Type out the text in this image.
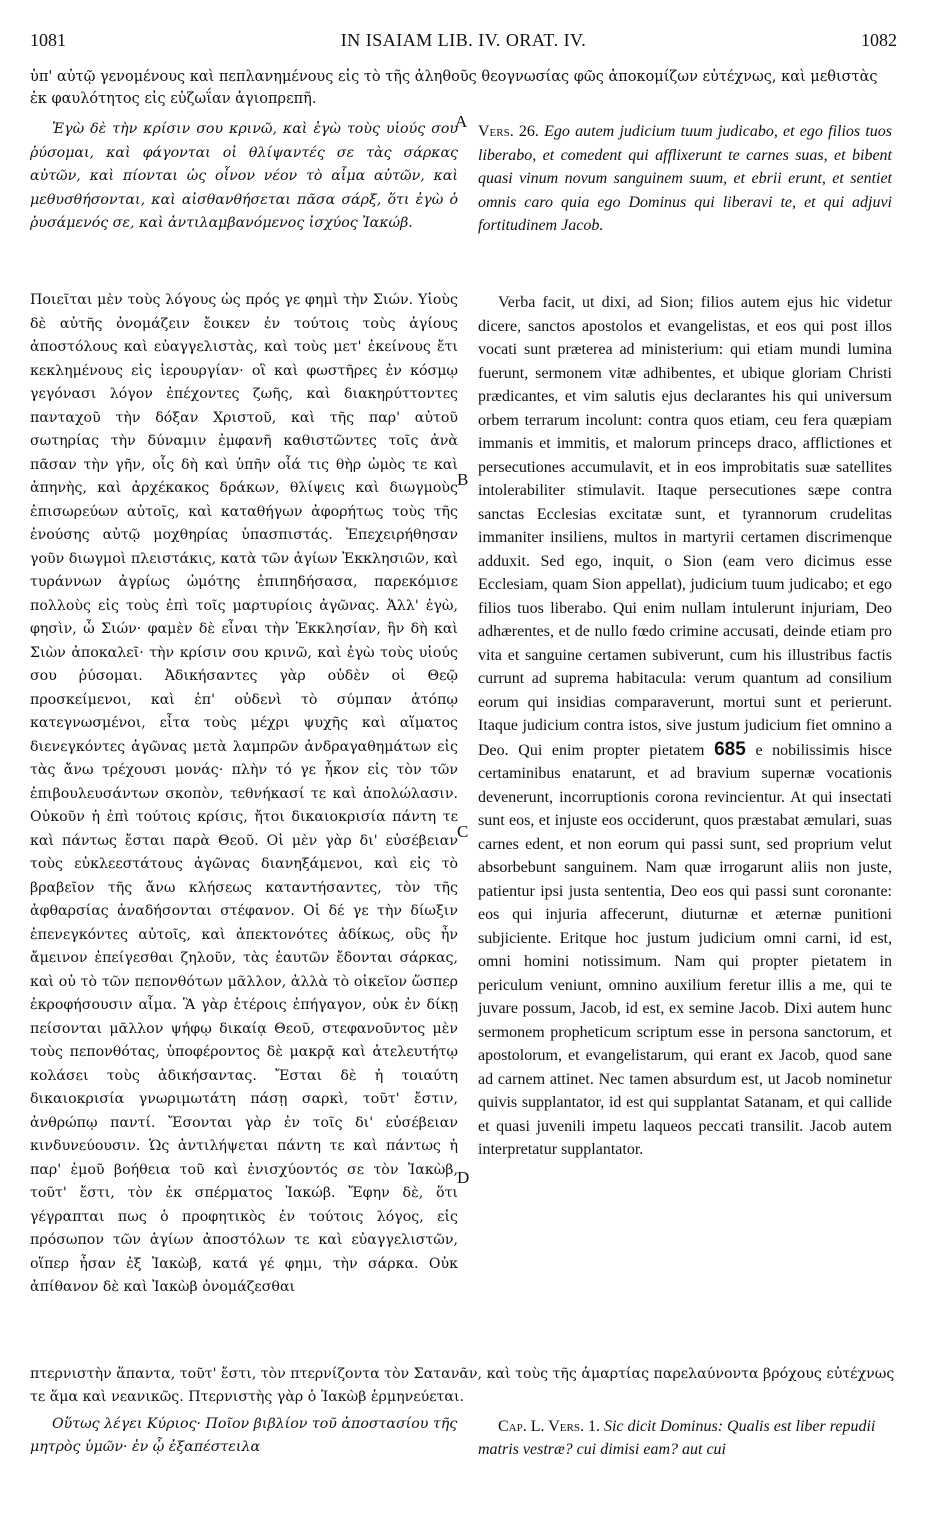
1081	IN ISAIAM LIB. IV. ORAT. IV.	1082

ὑπ' αὐτῷ γενομένους καὶ πεπλανημένους εἰς τὸ τῆς ἀληθοῦς θεογνωσίας φῶς ἀποκομίζων εὐτέχνως, καὶ μεθιστὰς ἐκ φαυλότητος εἰς εὐζωΐαν ἁγιοπρεπῆ.

Ἐγὼ δὲ τὴν κρίσιν σου κρινῶ, καὶ ἐγὼ τοὺς υἱούς σου ῥύσομαι, καὶ φάγονται οἱ θλίψαντές σε τὰς σάρκας αὐτῶν, καὶ πίονται ὡς οἶνον νέον τὸ αἷμα αὐτῶν, καὶ μεθυσθήσονται, καὶ αἰσθανθήσεται πᾶσα σάρξ, ὅτι ἐγὼ ὁ ῥυσάμενός σε, καὶ ἀντιλαμβανόμενος ἰσχύος Ἰακώβ.
Ποιεῖται μὲν τοὺς λόγους ὡς πρός γε φημὶ τὴν Σιών. Υἱοὺς δὲ αὐτῆς ὀνομάζειν ἔοικεν ἐν τούτοις τοὺς ἁγίους ἀποστόλους καὶ εὐαγγελιστὰς, καὶ τοὺς μετ' ἐκείνους ἔτι κεκλημένους εἰς ἱερουργίαν· οἳ καὶ φωστῆρες ἐν κόσμῳ γεγόνασι λόγον ἐπέχοντες ζωῆς, καὶ διακηρύττοντες πανταχοῦ τὴν δόξαν Χριστοῦ, καὶ τῆς παρ' αὐτοῦ σωτηρίας τὴν δύναμιν ἐμφανῆ καθιστῶντες τοῖς ἀνὰ πᾶσαν τὴν γῆν, οἷς δὴ καὶ ὑπῆν οἷά τις θὴρ ὠμὸς τε καὶ ἀπηνὴς, καὶ ἀρχέκακος δράκων, θλίψεις καὶ διωγμοὺς ἐπισωρεύων αὐτοῖς, καὶ καταθήγων ἀφορήτως τοὺς τῆς ἐνούσης αὐτῷ μοχθηρίας ὑπασπιστάς. Ἐπεχειρήθησαν γοῦν διωγμοὶ πλειστάκις, κατὰ τῶν ἁγίων Ἐκκλησιῶν, καὶ τυράννων ἀγρίως ὠμότης ἐπιπηδήσασα, παρεκόμισε πολλοὺς εἰς τοὺς ἐπὶ τοῖς μαρτυρίοις ἀγῶνας. Ἀλλ' ἐγὼ, φησὶν, ὦ Σιών· φαμὲν δὲ εἶναι τὴν Ἐκκλησίαν, ἣν δὴ καὶ Σιὼν ἀποκαλεῖ· τὴν κρίσιν σου κρινῶ, καὶ ἐγὼ τοὺς υἱούς σου ῥύσομαι. Ἀδικήσαντες γὰρ οὐδὲν οἱ Θεῷ προσκείμενοι, καὶ ἐπ' οὐδενὶ τὸ σύμπαν ἀτόπῳ κατεγνωσμένοι, εἶτα τοὺς μέχρι ψυχῆς καὶ αἵματος διενεγκόντες ἀγῶνας μετὰ λαμπρῶν ἀνδραγαθημάτων εἰς τὰς ἄνω τρέχουσι μονάς· πλὴν τό γε ἧκον εἰς τὸν τῶν ἐπιβουλευσάντων σκοπὸν, τεθνήκασί τε καὶ ἀπολώλασιν. Οὐκοῦν ἡ ἐπὶ τούτοις κρίσις, ἤτοι δικαιοκρισία πάντη τε καὶ πάντως ἔσται παρὰ Θεοῦ. Οἱ μὲν γὰρ δι' εὐσέβειαν τοὺς εὐκλεεστάτους ἀγῶνας διανηξάμενοι, καὶ εἰς τὸ βραβεῖον τῆς ἄνω κλήσεως καταντήσαντες, τὸν τῆς ἀφθαρσίας ἀναδήσονται στέφανον. Οἱ δέ γε τὴν δίωξιν ἐπενεγκόντες αὐτοῖς, καὶ ἀπεκτονότες ἀδίκως, οὓς ἦν ἄμεινον ἐπείγεσθαι ζηλοῦν, τὰς ἑαυτῶν ἔδονται σάρκας, καὶ οὐ τὸ τῶν πεπονθότων μᾶλλον, ἀλλὰ τὸ οἰκεῖον ὥσπερ ἐκροφήσουσιν αἷμα. Ἃ γὰρ ἑτέροις ἐπήγαγον, οὐκ ἐν δίκῃ πείσονται μᾶλλον ψήφῳ δικαίᾳ Θεοῦ, στεφανοῦντος μὲν τοὺς πεπονθότας, ὑποφέροντος δὲ μακρᾷ καὶ ἀτελευτήτῳ κολάσει τοὺς ἀδικήσαντας. Ἔσται δὲ ἡ τοιαύτη δικαιοκρισία γνωριμωτάτη πάσῃ σαρκὶ, τοῦτ' ἔστιν, ἀνθρώπῳ παντί. Ἔσονται γὰρ ἐν τοῖς δι' εὐσέβειαν κινδυνεύουσιν. Ὡς ἀντιλήψεται πάντη τε καὶ πάντως ἡ παρ' ἐμοῦ βοήθεια τοῦ καὶ ἐνισχύοντός σε τὸν Ἰακὼβ, τοῦτ' ἔστι, τὸν ἐκ σπέρματος Ἰακώβ. Ἔφην δὲ, ὅτι γέγραπται πως ὁ προφητικὸς ἐν τούτοις λόγος, εἰς πρόσωπον τῶν ἁγίων ἀποστόλων τε καὶ εὐαγγελιστῶν, οἵπερ ἦσαν ἐξ Ἰακὼβ, κατά γέ φημι, τὴν σάρκα. Οὐκ ἀπίθανον δὲ καὶ Ἰακὼβ ὀνομάζεσθαι
Vers. 26. Ego autem judicium tuum judicabo, et ego filios tuos liberabo, et comedent qui afflixerunt te carnes suas, et bibent quasi vinum novum sanguinem suum, et ebrii erunt, et sentiet omnis caro quia ego Dominus qui liberavi te, et qui adjuvi fortitudinem Jacob.
Verba facit, ut dixi, ad Sion; filios autem ejus hic videtur dicere, sanctos apostolos et evangelistas, et eos qui post illos vocati sunt præterea ad ministerium: qui etiam mundi lumina fuerunt, sermonem vitæ adhibentes, et ubique gloriam Christi prædicantes, et vim salutis ejus declarantes his qui universum orbem terrarum incolunt: contra quos etiam, ceu fera quæpiam immanis et immitis, et malorum princeps draco, afflictiones et persecutiones accumulavit, et in eos improbitatis suæ satellites intolerabiliter stimulavit. Itaque persecutiones sæpe contra sanctas Ecclesias excitatæ sunt, et tyrannorum crudelitas immaniter insiliens, multos in martyrii certamen discrimenque adduxit. Sed ego, inquit, o Sion (eam vero dicimus esse Ecclesiam, quam Sion appellat), judicium tuum judicabo; et ego filios tuos liberabo. Qui enim nullam intulerunt injuriam, Deo adhærentes, et de nullo fœdo crimine accusati, deinde etiam pro vita et sanguine certamen subiverunt, cum his illustribus factis currunt ad suprema habitacula: verum quantum ad consilium eorum qui insidias comparaverunt, mortui sunt et perierunt. Itaque judicium contra istos, sive justum judicium fiet omnino a Deo. Qui enim propter pietatem 685 e nobilissimis hisce certaminibus enatarunt, et ad bravium supernæ vocationis devenerunt, incorruptionis corona revincientur. At qui insectati sunt eos, et injuste eos occiderunt, quos præstabat æmulari, suas carnes edent, et non eorum qui passi sunt, sed proprium velut absorbebunt sanguinem. Nam quæ irrogarunt aliis non juste, patientur ipsi justa sententia, Deo eos qui passi sunt coronante: eos qui injuria affecerunt, diuturnæ et æternæ punitioni subjiciente. Eritque hoc justum judicium omni carni, id est, omni homini notissimum. Nam qui propter pietatem in periculum veniunt, omnino auxilium feretur illis a me, qui te juvare possum, Jacob, id est, ex semine Jacob. Dixi autem hunc sermonem propheticum scriptum esse in persona sanctorum, et apostolorum, et evangelistarum, qui erant ex Jacob, quod sane ad carnem attinet. Nec tamen absurdum est, ut Jacob nominetur quivis supplantator, id est qui supplantat Satanam, et qui callide et quasi juvenili impetu laqueos peccati transilit. Jacob autem interpretatur supplantator.
A
B
C
D

πτερνιστὴν ἅπαντα, τοῦτ' ἔστι, τὸν πτερνίζοντα τὸν Σατανᾶν, καὶ τοὺς τῆς ἁμαρτίας παρελαύνοντα βρόχους εὐτέχνως τε ἅμα καὶ νεανικῶς. Πτερνιστὴς γὰρ ὁ Ἰακὼβ ἑρμηνεύεται.

Οὕτως λέγει Κύριος· Ποῖον βιβλίον τοῦ ἀποστασίου τῆς μητρὸς ὑμῶν· ἐν ᾧ ἐξαπέστειλα
Cap. L. Vers. 1. Sic dicit Dominus: Qualis est liber repudii matris vestræ? cui dimisi eam? aut cui
